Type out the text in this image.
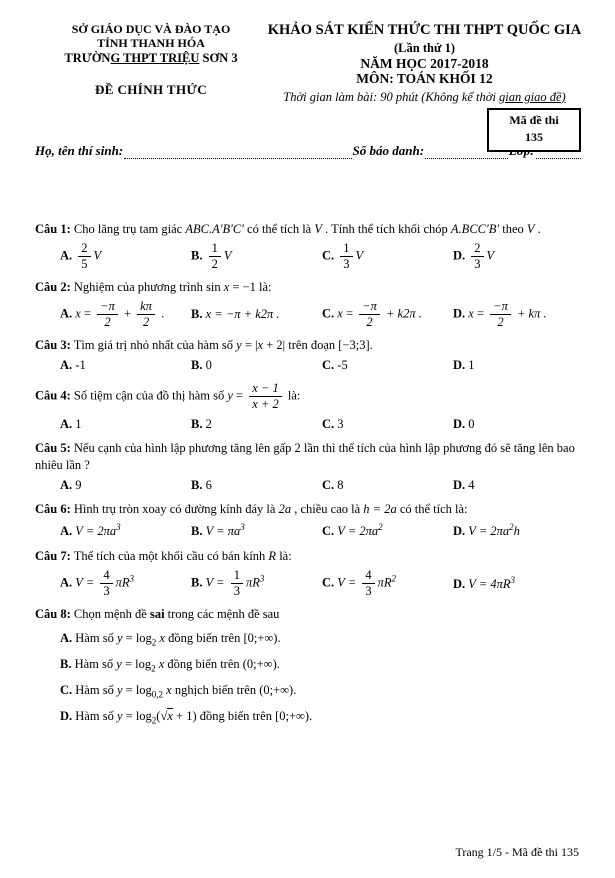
SỞ GIÁO DỤC VÀ ĐÀO TẠO
TỈNH THANH HÓA
TRƯỜNG THPT TRIỆU SƠN 3
ĐỀ CHÍNH THỨC
KHẢO SÁT KIẾN THỨC THI THPT QUỐC GIA
(Lần thứ 1)
NĂM HỌC 2017-2018
MÔN: TOÁN KHỐI 12
Thời gian làm bài: 90 phút (Không kể thời gian giao đề)
Mã đề thi
135
Họ, tên thí sinh:	Số báo danh:

Câu 1: Cho lăng trụ tam giác ABC.A′B′C′ có thể tích là V . Tính thể tích khối chóp A.BCC′B′ theo V .

A. $\frac{2}{5}$ V	B. $\frac{1}{2}$ V	C. $\frac{1}{3}$ V	D. $\frac{2}{3}$ V

Câu 2: Nghiệm của phương trình sin x = −1 là:

A. $x = \frac{-\pi}{2} + \frac{k\pi}{2}$ .	B. x = −π + k2π .	C. $x = \frac{-\pi}{2} + k2\pi$ .	D. $x = \frac{-\pi}{2} + k\pi$ .

Câu 3: Tìm giá trị nhỏ nhất của hàm số y = |x + 2| trên đoạn [−3;3].

A. -1	B. 0	C. -5	D. 1

Câu 4: Số tiệm cận của đồ thị hàm số $y = \frac{x - 1}{x + 2}$ là:

A. 1	B. 2	C. 3	D. 0

Câu 5: Nếu cạnh của hình lập phương tăng lên gấp 2 lần thì thể tích của hình lập phương đó sẽ tăng lên bao nhiêu lần ?

A. 9	B. 6	C. 8	D. 4

Câu 6: Hình trụ tròn xoay có đường kính đáy là 2a , chiều cao là h = 2a có thể tích là:

A. $V = 2\pi a^3$	B. $V = \pi a^3$	C. $V = 2\pi a^2$	D. $V = 2\pi a^2h$

Câu 7: Thể tích của một khối cầu có bán kính R là:

A. $V = \frac{4}{3} \pi R^3$	B. $V = \frac{1}{3} \pi R^3$	C. $V = \frac{4}{3} \pi R^2$	D. $V = 4\pi R^3$

Câu 8: Chọn mệnh đề sai trong các mệnh đề sau

A. Hàm số $y = \log_2 x$ đồng biến trên [0;+∞).
B. Hàm số $y = \log_2 x$ đồng biến trên (0;+∞).
C. Hàm số $y = \log_{0,2} x$ nghịch biến trên (0;+∞).
D. Hàm số $y = \log_2(√x + 1)$ đồng biến trên [0;+∞).
Trang 1/5 - Mã đề thi 135
